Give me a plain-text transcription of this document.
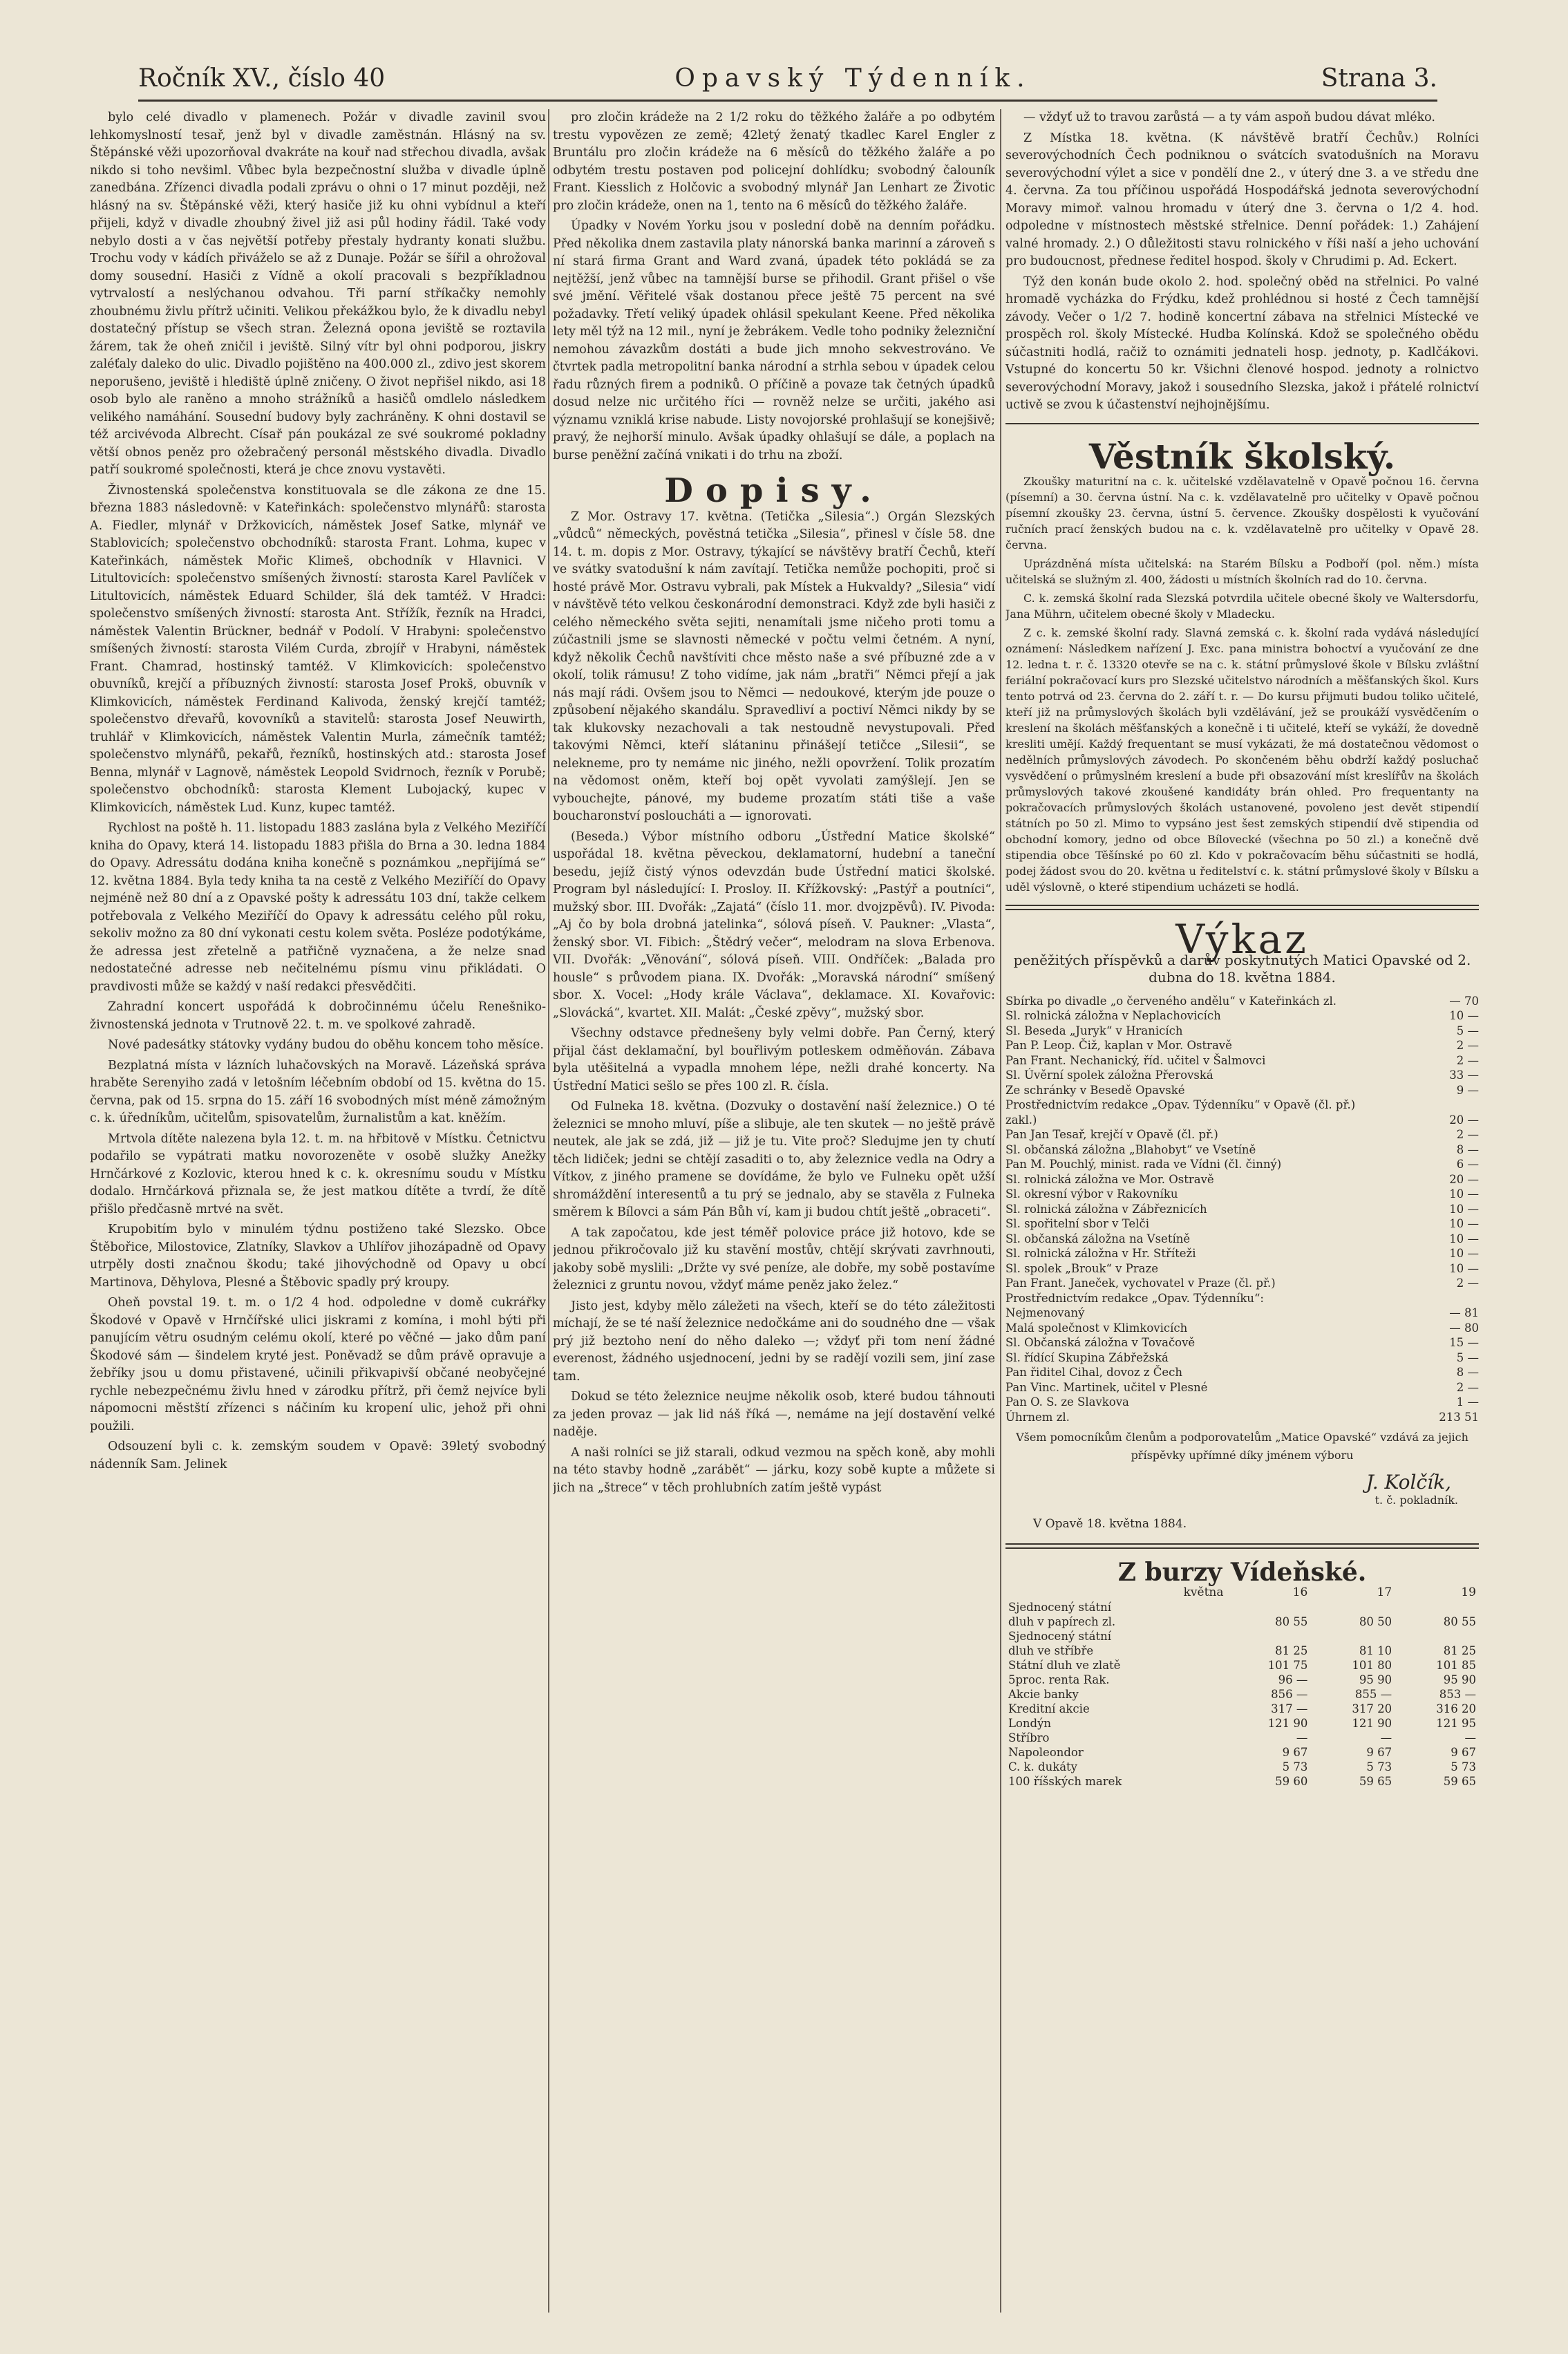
Ročník XV., číslo 40	Opavský Týdenník.	Strana 3.

bylo celé divadlo v plamenech. Požár v divadle zavinil svou lehkomyslností tesař, jenž byl v divadle zaměstnán. Hlásný na sv. Štěpánské věži upozorňoval dvakráte na kouř nad střechou divadla, avšak nikdo si toho nevšiml. Vůbec byla bezpečnostní služba v divadle úplně zanedbána. Zřízenci divadla podali zprávu o ohni o 17 minut později, než hlásný na sv. Štěpánské věži, který hasiče již ku ohni vybídnul a kteří přijeli, když v divadle zhoubný živel již asi půl hodiny řádil. Také vody nebylo dosti a v čas největší potřeby přestaly hydranty konati službu. Trochu vody v kádích přiváželo se až z Dunaje. Požár se šířil a ohrožoval domy sousední. Hasiči z Vídně a okolí pracovali s bezpříkladnou vytrvalostí a neslýchanou odvahou. Tři parní stříkačky nemohly zhoubnému živlu přítrž učiniti. Velikou překážkou bylo, že k divadlu nebyl dostatečný přístup se všech stran. Železná opona jeviště se roztavila žárem, tak že oheň zničil i jeviště. Silný vítr byl ohni podporou, jiskry zaléťaly daleko do ulic. Divadlo pojištěno na 400.000 zl., zdivo jest skorem neporušeno, jeviště i hlediště úplně zničeny. O život nepřišel nikdo, asi 18 osob bylo ale raněno a mnoho strážníků a hasičů omdlelo následkem velikého namáhání. Sousední budovy byly zachráněny. K ohni dostavil se též arcivévoda Albrecht. Císař pán poukázal ze své soukromé pokladny větší obnos peněz pro ožebračený personál městského divadla. Divadlo patří soukromé společnosti, která je chce znovu vystavěti.

Živnostenská společenstva konstituovala se dle zákona ze dne 15. března 1883 následovně: v Kateřinkách: společenstvo mlynářů: starosta A. Fiedler, mlynář v Držkovicích, náměstek Josef Satke, mlynář ve Stablovicích; společenstvo obchodníků: starosta Frant. Lohma, kupec v Kateřinkách, náměstek Mořic Klimeš, obchodník v Hlavnici. V Litultovicích: společenstvo smíšených živností: starosta Karel Pavlíček v Litultovicích, náměstek Eduard Schilder, šlá dek tamtéž. V Hradci: společenstvo smíšených živností: starosta Ant. Střížík, řezník na Hradci, náměstek Valentin Brückner, bednář v Podolí. V Hrabyni: společenstvo smíšených živností: starosta Vilém Curda, zbrojíř v Hrabyni, náměstek Frant. Chamrad, hostinský tamtéž. V Klimkovicích: společenstvo obuvníků, krejčí a příbuzných živností: starosta Josef Prokš, obuvník v Klimkovicích, náměstek Ferdinand Kalivoda, ženský krejčí tamtéž; společenstvo dřevařů, kovovníků a stavitelů: starosta Josef Neuwirth, truhlář v Klimkovicích, náměstek Valentin Murla, zámečník tamtéž; společenstvo mlynářů, pekařů, řezníků, hostinských atd.: starosta Josef Benna, mlynář v Lagnově, náměstek Leopold Svidrnoch, řezník v Porubě; společenstvo obchodníků: starosta Klement Lubojacký, kupec v Klimkovicích, náměstek Lud. Kunz, kupec tamtéž.

Rychlost na poště h. 11. listopadu 1883 zaslána byla z Velkého Meziříčí kniha do Opavy, která 14. listopadu 1883 přišla do Brna a 30. ledna 1884 do Opavy. Adressátu dodána kniha konečně s poznámkou „nepřijímá se“ 12. května 1884. Byla tedy kniha ta na cestě z Velkého Meziříčí do Opavy nejméně než 80 dní a z Opavské pošty k adressátu 103 dní, takže celkem potřebovala z Velkého Meziříčí do Opavy k adressátu celého půl roku, sekoliv možno za 80 dní vykonati cestu kolem světa. Posléze podotýkáme, že adressa jest zřetelně a patřičně vyznačena, a že nelze snad nedostatečné adresse neb nečitelnému písmu vinu přikládati. O pravdivosti může se každý v naší redakci přesvědčiti.

Zahradní koncert uspořádá k dobročinnému účelu Renešniko-živnostenská jednota v Trutnově 22. t. m. ve spolkové zahradě.

Nové padesátky státovky vydány budou do oběhu koncem toho měsíce.

Bezplatná místa v lázních luhačovských na Moravě. Lázeňská správa hraběte Serenyiho zadá v letošním léčebním období od 15. května do 15. června, pak od 15. srpna do 15. září 16 svobodných míst méně zámožným c. k. úředníkům, učitelům, spisovatelům, žurnalistům a kat. kněžím.

Mrtvola dítěte nalezena byla 12. t. m. na hřbitově v Místku. Četnictvu podařilo se vypátrati matku novorozeněte v osobě služky Anežky Hrnčárkové z Kozlovic, kterou hned k c. k. okresnímu soudu v Místku dodalo. Hrnčárková přiznala se, že jest matkou dítěte a tvrdí, že dítě přišlo předčasně mrtvé na svět.

Krupobitím bylo v minulém týdnu postiženo také Slezsko. Obce Štěbořice, Milostovice, Zlatníky, Slavkov a Uhlířov jihozápadně od Opavy utrpěly dosti značnou škodu; také jihovýchodně od Opavy u obcí Martinova, Děhylova, Plesné a Štěbovic spadly prý kroupy.

Oheň povstal 19. t. m. o 1/2 4 hod. odpoledne v domě cukrářky Škodové v Opavě v Hrnčířské ulici jiskrami z komína, i mohl býti při panujícím větru osudným celému okolí, které po věčné — jako dům paní Škodové sám — šindelem kryté jest. Poněvadž se dům právě opravuje a žebříky jsou u domu přistavené, učinili přikvapivší občané neobyčejné rychle nebezpečnému živlu hned v zárodku přítrž, při čemž nejvíce byli nápomocni městští zřízenci s náčiním ku kropení ulic, jehož při ohni použili.

Odsouzení byli c. k. zemským soudem v Opavě: 39letý svobodný nádenník Sam. Jelinek

pro zločin krádeže na 2 1/2 roku do těžkého žaláře a po odbytém trestu vypovězen ze země; 42letý ženatý tkadlec Karel Engler z Bruntálu pro zločin krádeže na 6 měsíců do těžkého žaláře a po odbytém trestu postaven pod policejní dohlídku; svobodný čalouník Frant. Kiesslich z Holčovic a svobodný mlynář Jan Lenhart ze Životic pro zločin krádeže, onen na 1, tento na 6 měsíců do těžkého žaláře.

Úpadky v Novém Yorku jsou v poslední době na denním pořádku. Před několika dnem zastavila platy nánorská banka marinní a zároveň s ní stará firma Grant and Ward zvaná, úpadek této pokládá se za nejtěžší, jenž vůbec na tamnější burse se přihodil. Grant přišel o vše své jmění. Věřitelé však dostanou přece ještě 75 percent na své požadavky. Třetí veliký úpadek ohlásil spekulant Keene. Před několika lety měl týž na 12 mil., nyní je žebrákem. Vedle toho podniky železniční nemohou závazkům dostáti a bude jich mnoho sekvestrováno. Ve čtvrtek padla metropolitní banka národní a strhla sebou v úpadek celou řadu různých firem a podniků. O příčině a povaze tak četných úpadků dosud nelze nic určitého říci — rovněž nelze se určiti, jakého asi významu vzniklá krise nabude. Listy novojorské prohlašují se konejšivě; pravý, že nejhorší minulo. Avšak úpadky ohlašují se dále, a poplach na burse peněžní začíná vnikati i do trhu na zboží.

Dopisy.

Z Mor. Ostravy 17. května. (Tetička „Silesia“.) Orgán Slezských „vůdců“ německých, pověstná tetička „Silesia“, přinesl v čísle 58. dne 14. t. m. dopis z Mor. Ostravy, týkající se návštěvy bratří Čechů, kteří ve svátky svatodušní k nám zavítají. Tetička nemůže pochopiti, proč si hosté právě Mor. Ostravu vybrali, pak Místek a Hukvaldy? „Silesia“ vidí v návštěvě této velkou českonárodní demonstraci. Když zde byli hasiči z celého německého světa sejiti, nenamítali jsme ničeho proti tomu a zúčastnili jsme se slavnosti německé v počtu velmi četném. A nyní, když několik Čechů navštíviti chce město naše a své příbuzné zde a v okolí, tolik rámusu! Z toho vidíme, jak nám „bratři“ Němci přejí a jak nás mají rádi. Ovšem jsou to Němci — nedoukové, kterým jde pouze o způsobení nějakého skandálu. Spravedliví a poctiví Němci nikdy by se tak klukovsky nezachovali a tak nestoudně nevystupovali. Před takovými Němci, kteří slátaninu přinášejí tetičce „Silesii“, se nelekneme, pro ty nemáme nic jiného, nežli opovržení. Tolik prozatím na vědomost oněm, kteří boj opět vyvolati zamýšlejí. Jen se vybouchejte, pánové, my budeme prozatím státi tiše a vaše boucharonství posloucháti a — ignorovati.

(Beseda.) Výbor místního odboru „Ústřední Matice školské“ uspořádal 18. května pěveckou, deklamatorní, hudební a taneční besedu, jejíž čistý výnos odevzdán bude Ústřední matici školské. Program byl následující: I. Prosloy. II. Křížkovský: „Pastýř a poutníci“, mužský sbor. III. Dvořák: „Zajatá“ (číslo 11. mor. dvojzpěvů). IV. Pivoda: „Aj čo by bola drobná jatelinka“, sólová píseň. V. Paukner: „Vlasta“, ženský sbor. VI. Fibich: „Štědrý večer“, melodram na slova Erbenova. VII. Dvořák: „Věnování“, sólová píseň. VIII. Ondříček: „Balada pro housle“ s průvodem piana. IX. Dvořák: „Moravská národní“ smíšený sbor. X. Vocel: „Hody krále Václava“, deklamace. XI. Kovařovic: „Slovácká“, kvartet. XII. Malát: „České zpěvy“, mužský sbor.

Všechny odstavce přednešeny byly velmi dobře. Pan Černý, který přijal část deklamační, byl bouřlivým potleskem odměňován. Zábava byla utěšitelná a vypadla mnohem lépe, nežli drahé koncerty. Na Ústřední Matici sešlo se přes 100 zl. R. čísla.

Od Fulneka 18. května. (Dozvuky o dostavění naší železnice.) O té železnici se mnoho mluví, píše a slibuje, ale ten skutek — no ještě právě neutek, ale jak se zdá, již — již je tu. Vite proč? Sledujme jen ty chutí těch lidiček; jedni se chtějí zasaditi o to, aby železnice vedla na Odry a Vítkov, z jiného pramene se dovídáme, že bylo ve Fulneku opět užší shromáždění interesentů a tu prý se jednalo, aby se stavěla z Fulneka směrem k Bílovci a sám Pán Bůh ví, kam ji budou chtít ještě „obraceti“.

A tak započatou, kde jest téměř polovice práce již hotovo, kde se jednou přikročovalo již ku stavění mostův, chtějí skrývati zavrhnouti, jakoby sobě myslili: „Držte vy své peníze, ale dobře, my sobě postavíme železnici z gruntu novou, vždyť máme peněz jako želez.“

Jisto jest, kdyby mělo záležeti na všech, kteří se do této záležitosti míchají, že se té naší železnice nedočkáme ani do soudného dne — však prý již beztoho není do něho daleko —; vždyť při tom není žádné everenost, žádného usjednocení, jedni by se radějí vozili sem, jiní zase tam.

Dokud se této železnice neujme několik osob, které budou táhnouti za jeden provaz — jak lid náš říká —, nemáme na její dostavění velké naděje.

A naši rolníci se již starali, odkud vezmou na spěch koně, aby mohli na této stavby hodně „zarábět“ — járku, kozy sobě kupte a můžete si jich na „štrece“ v těch prohlubních zatím ještě vypást

— vždyť už to travou zarůstá — a ty vám aspoň budou dávat mléko.

Z Místka 18. května. (K návštěvě bratří Čechův.) Rolníci severovýchodních Čech podniknou o svátcích svatodušních na Moravu severovýchodní výlet a sice v pondělí dne 2., v úterý dne 3. a ve středu dne 4. června. Za tou příčinou uspořádá Hospodářská jednota severovýchodní Moravy mimoř. valnou hromadu v úterý dne 3. června o 1/2 4. hod. odpoledne v místnostech městské střelnice. Denní pořádek: 1.) Zahájení valné hromady. 2.) O důležitosti stavu rolnického v říši naší a jeho uchování pro budoucnost, přednese ředitel hospod. školy v Chrudimi p. Ad. Eckert.

Týž den konán bude okolo 2. hod. společný oběd na střelnici. Po valné hromadě vycházka do Frýdku, kdež prohlédnou si hosté z Čech tamnější závody. Večer o 1/2 7. hodině koncertní zábava na střelnici Místecké ve prospěch rol. školy Místecké. Hudba Kolínská. Kdož se společného obědu súčastniti hodlá, račiž to oznámiti jednateli hosp. jednoty, p. Kadlčákovi. Vstupné do koncertu 50 kr. Všichni členové hospod. jednoty a rolnictvo severovýchodní Moravy, jakož i sousedního Slezska, jakož i přátelé rolnictví uctivě se zvou k účastenství nejhojnějšímu.

Věstník školský.

Zkoušky maturitní na c. k. učitelské vzdělavatelně v Opavě počnou 16. června (písemní) a 30. června ústní. Na c. k. vzdělavatelně pro učitelky v Opavě počnou písemní zkoušky 23. června, ústní 5. července. Zkoušky dospělosti k vyučování ručních prací ženských budou na c. k. vzdělavatelně pro učitelky v Opavě 28. června.

Uprázdněná místa učitelská: na Starém Bílsku a Podboří (pol. něm.) místa učitelská se služným zl. 400, žádosti u místních školních rad do 10. června.

C. k. zemská školní rada Slezská potvrdila učitele obecné školy ve Waltersdorfu, Jana Mührn, učitelem obecné školy v Mladecku.

Z c. k. zemské školní rady. Slavná zemská c. k. školní rada vydává následující oznámení: Následkem nařízení J. Exc. pana ministra bohoctví a vyučování ze dne 12. ledna t. r. č. 13320 otevře se na c. k. státní průmyslové škole v Bílsku zvláštní feriální pokračovací kurs pro Slezské učitelstvo národních a měšťanských škol. Kurs tento potrvá od 23. června do 2. září t. r. — Do kursu přijmuti budou toliko učitelé, kteří již na průmyslových školách byli vzdělávání, jež se proukáží vysvědčením o kreslení na školách měšťanských a konečně i ti učitelé, kteří se vykáží, že dovedně kresliti umějí. Každý frequentant se musí vykázati, že má dostatečnou vědomost o nedělních průmyslových závodech. Po skončeném běhu obdrží každý posluchač vysvědčení o průmyslném kreslení a bude při obsazování míst kreslířův na školách průmyslových takové zkoušené kandidáty brán ohled. Pro frequentanty na pokračovacích průmyslových školách ustanovené, povoleno jest devět stipendií státních po 50 zl. Mimo to vypsáno jest šest zemských stipendií dvě stipendia od obchodní komory, jedno od obce Bílovecké (všechna po 50 zl.) a konečně dvě stipendia obce Těšínské po 60 zl. Kdo v pokračovacím běhu súčastniti se hodlá, podej žádost svou do 20. května u ředitelství c. k. státní průmyslové školy v Bílsku a uděl výslovně, o které stipendium ucházeti se hodlá.

Výkaz
peněžitých příspěvků a darův poskytnutých Matici Opavské od 2. dubna do 18. května 1884.
Sbírka po divadle „o červeného andělu“ v Kateřinkách zl.	— 70
Sl. rolnická záložna v Neplachovicích	10 —
Sl. Beseda „Juryk“ v Hranicích	5 —
Pan P. Leop. Čiž, kaplan v Mor. Ostravě	2 —
Pan Frant. Nechanický, říd. učitel v Šalmovci	2 —
Sl. Úvěrní spolek záložna Přerovská	33 —
Ze schránky v Besedě Opavské	9 —
Prostřednictvím redakce „Opav. Týdenníku“ v Opavě (čl. př.)	
zakl.)	20 —
Pan Jan Tesař, krejčí v Opavě (čl. př.)	2 —
Sl. občanská záložna „Blahobyt“ ve Vsetíně	8 —
Pan M. Pouchlý, minist. rada ve Vídni (čl. činný)	6 —
Sl. rolnická záložna ve Mor. Ostravě	20 —
Sl. okresní výbor v Rakovníku	10 —
Sl. rolnická záložna v Zábřeznicích	10 —
Sl. spořitelní sbor v Telči	10 —
Sl. občanská záložna na Vsetíně	10 —
Sl. rolnická záložna v Hr. Stříteži	10 —
Sl. spolek „Brouk“ v Praze	10 —
Pan Frant. Janeček, vychovatel v Praze (čl. př.)	2 —
Prostřednictvím redakce „Opav. Týdenníku“:	
Nejmenovaný	— 81
Malá společnost v Klimkovicích	— 80
Sl. Občanská záložna v Tovačově	15 —
Sl. řídící Skupina Zábřežská	5 —
Pan řiditel Cihal, dovoz z Čech	8 —
Pan Vinc. Martinek, učitel v Plesné	2 —
Pan O. S. ze Slavkova	1 —
Úhrnem zl.	213 51
Všem pomocníkům členům a podporovatelům „Matice Opavské“ vzdává za jejich příspěvky upřímné díky jménem výboru
J. Kolčík,
t. č. pokladník.
V Opavě 18. května 1884.
Z burzy Vídeňské.
května	16	17	19
Sjednocený státní			
dluh v papírech zl.	80 55	80 50	80 55
Sjednocený státní			
dluh ve stříbře	81 25	81 10	81 25
Státní dluh ve zlatě	101 75	101 80	101 85
5proc. renta Rak.	96 —	95 90	95 90
Akcie banky	856 —	855 —	853 —
Kreditní akcie	317 —	317 20	316 20
Londýn	121 90	121 90	121 95
Stříbro	—	—	—
Napoleondor	9 67	9 67	9 67
C. k. dukáty	5 73	5 73	5 73
100 říšských marek	59 60	59 65	59 65
